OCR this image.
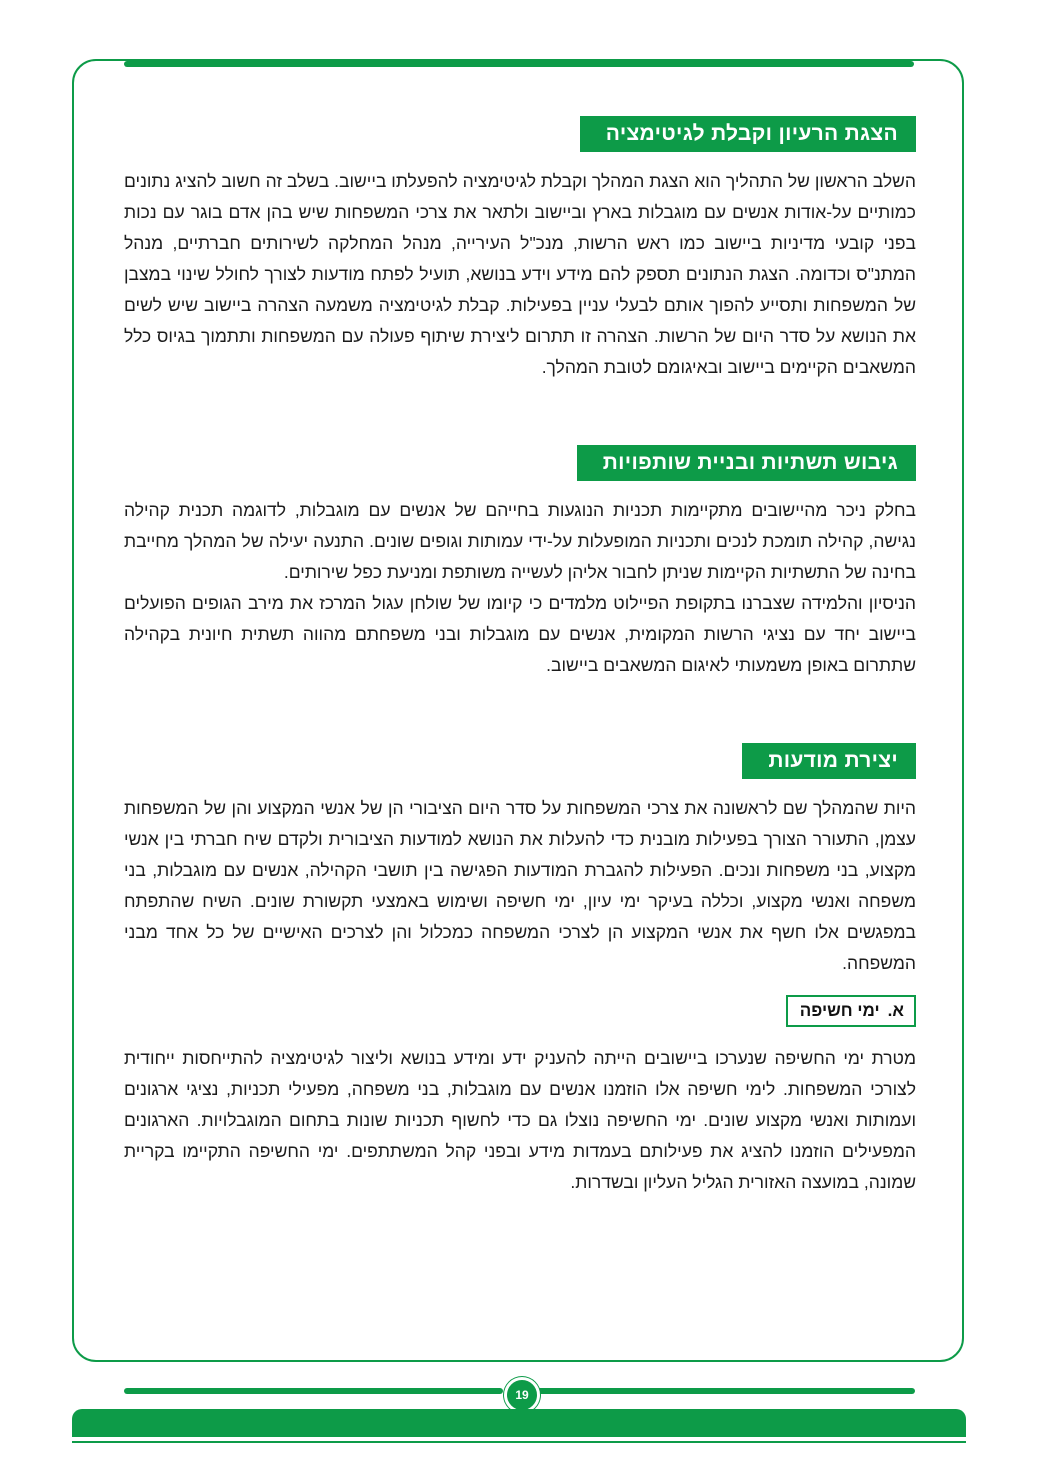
הצגת הרעיון וקבלת לגיטימציה

השלב הראשון של התהליך הוא הצגת המהלך וקבלת לגיטימציה להפעלתו ביישוב. בשלב זה חשוב להציג נתונים כמותיים על-אודות אנשים עם מוגבלות בארץ וביישוב ולתאר את צרכי המשפחות שיש בהן אדם בוגר עם נכות בפני קובעי מדיניות ביישוב כמו ראש הרשות, מנכ"ל העירייה, מנהל המחלקה לשירותים חברתיים, מנהל המתנ"ס וכדומה. הצגת הנתונים תספק להם מידע וידע בנושא, תועיל לפתח מודעות לצורך לחולל שינוי במצבן של המשפחות ותסייע להפוך אותם לבעלי עניין בפעילות. קבלת לגיטימציה משמעה הצהרה ביישוב שיש לשים את הנושא על סדר היום של הרשות. הצהרה זו תתרום ליצירת שיתוף פעולה עם המשפחות ותתמוך בגיוס כלל המשאבים הקיימים ביישוב ובאיגומם לטובת המהלך.

גיבוש תשתיות ובניית שותפויות

בחלק ניכר מהיישובים מתקיימות תכניות הנוגעות בחייהם של אנשים עם מוגבלות, לדוגמה תכנית קהילה נגישה, קהילה תומכת לנכים ותכניות המופעלות על-ידי עמותות וגופים שונים. התנעה יעילה של המהלך מחייבת בחינה של התשתיות הקיימות שניתן לחבור אליהן לעשייה משותפת ומניעת כפל שירותים.

הניסיון והלמידה שצברנו בתקופת הפיילוט מלמדים כי קיומו של שולחן עגול המרכז את מירב הגופים הפועלים ביישוב יחד עם נציגי הרשות המקומית, אנשים עם מוגבלות ובני משפחתם מהווה תשתית חיונית בקהילה שתתרום באופן משמעותי לאיגום המשאבים ביישוב.

יצירת מודעות

היות שהמהלך שם לראשונה את צרכי המשפחות על סדר היום הציבורי הן של אנשי המקצוע והן של המשפחות עצמן, התעורר הצורך בפעילות מובנית כדי להעלות את הנושא למודעות הציבורית ולקדם שיח חברתי בין אנשי מקצוע, בני משפחות ונכים. הפעילות להגברת המודעות הפגישה בין תושבי הקהילה, אנשים עם מוגבלות, בני משפחה ואנשי מקצוע, וכללה בעיקר ימי עיון, ימי חשיפה ושימוש באמצעי תקשורת שונים. השיח שהתפתח במפגשים אלו חשף את אנשי המקצוע הן לצרכי המשפחה כמכלול והן לצרכים האישיים של כל אחד מבני המשפחה.

א.ימי חשיפה

מטרת ימי החשיפה שנערכו ביישובים הייתה להעניק ידע ומידע בנושא וליצור לגיטימציה להתייחסות ייחודית לצורכי המשפחות. לימי חשיפה אלו הוזמנו אנשים עם מוגבלות, בני משפחה, מפעילי תכניות, נציגי ארגונים ועמותות ואנשי מקצוע שונים. ימי החשיפה נוצלו גם כדי לחשוף תכניות שונות בתחום המוגבלויות. הארגונים המפעילים הוזמנו להציג את פעילותם בעמדות מידע ובפני קהל המשתתפים. ימי החשיפה התקיימו בקריית שמונה, במועצה האזורית הגליל העליון ובשדרות.

19
